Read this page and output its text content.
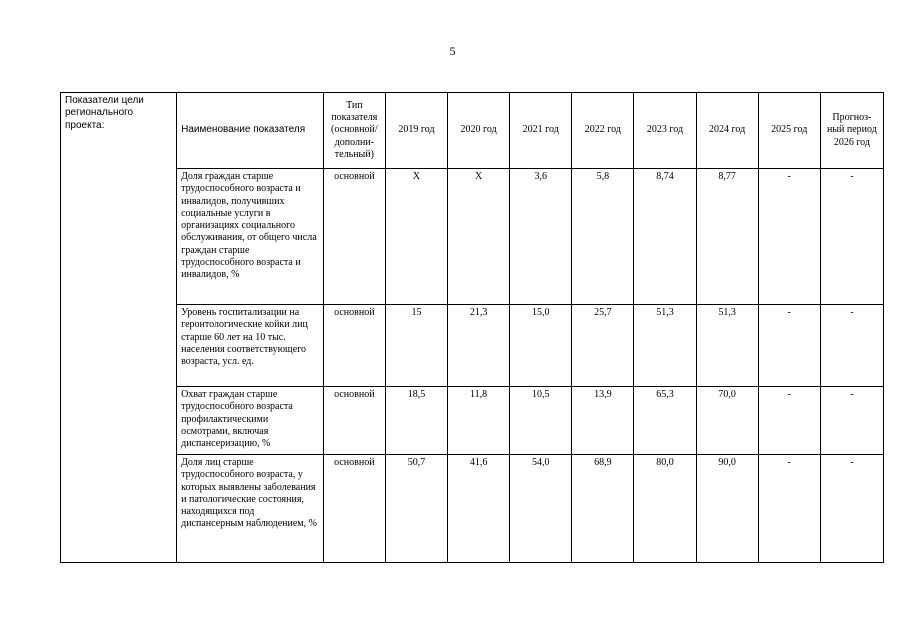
5
Показатели цели регионального проекта:	Наименование показателя	Тип показателя (основной/ дополни- тельный)	2019 год	2020 год	2021 год	2022 год	2023 год	2024 год	2025 год	Прогноз- ный период 2026 год
	Доля граждан старше трудоспособного возраста и инвалидов, получивших социальные услуги в организациях социального обслуживания, от общего числа граждан старше трудоспособного возраста и инвалидов, %	основной	Х	Х	3,6	5,8	8,74	8,77	-	-
	Уровень госпитализации на геронтологические койки лиц старше 60 лет на 10 тыс. населения соответствующего возраста, усл. ед.	основной	15	21,3	15,0	25,7	51,3	51,3	-	-
	Охват граждан старше трудоспособного возраста профилактическими осмотрами, включая диспансеризацию, %	основной	18,5	11,8	10,5	13,9	65,3	70,0	-	-
	Доля лиц старше трудоспособного возраста, у которых выявлены заболевания и патологические состояния, находящихся под диспансерным наблюдением, %	основной	50,7	41,6	54,0	68,9	80,0	90,0	-	-
